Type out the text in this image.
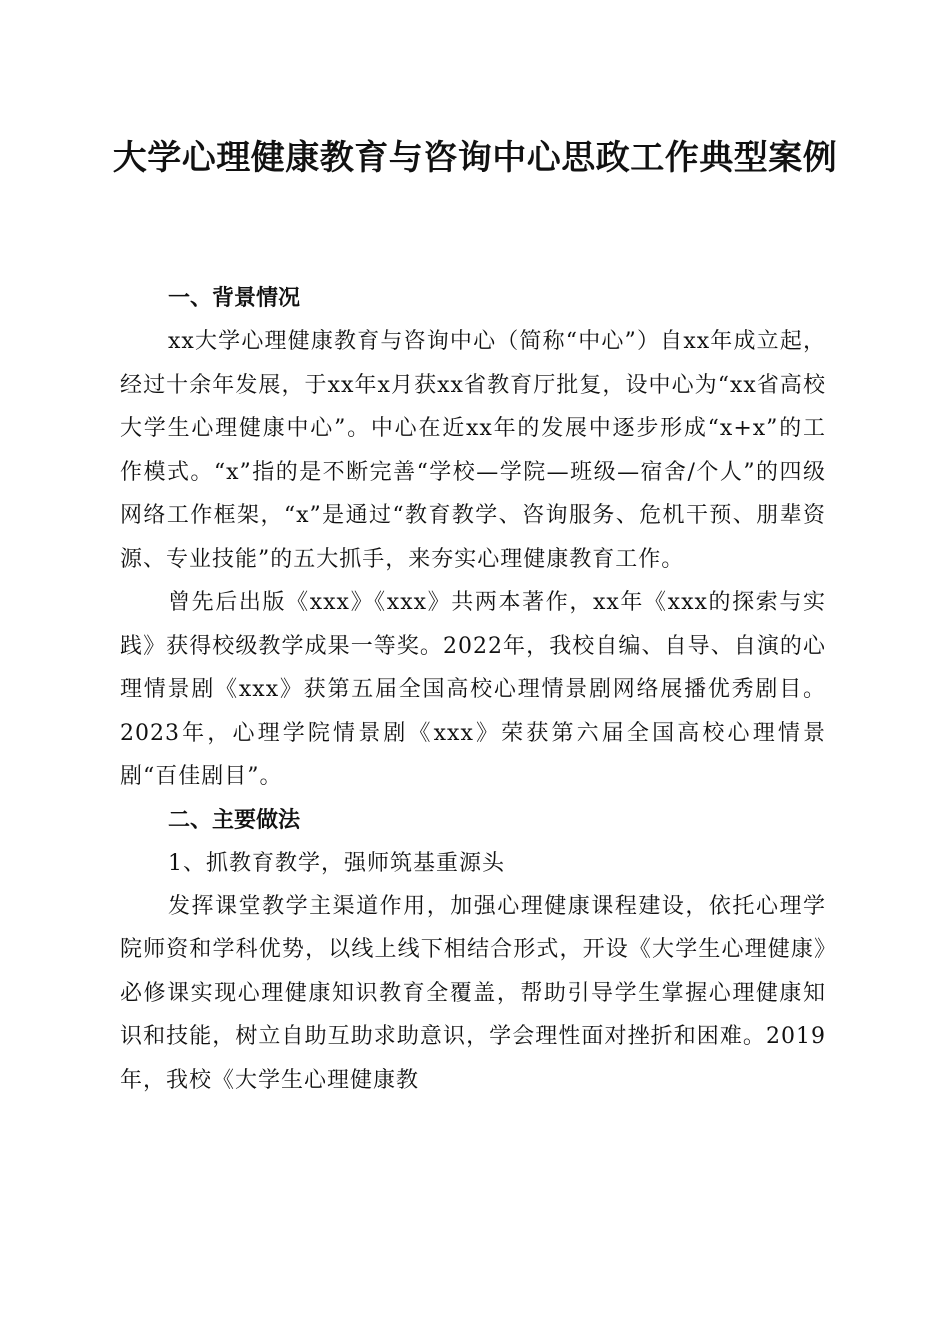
大学心理健康教育与咨询中心思政工作典型案例
一、背景情况

xx大学心理健康教育与咨询中心（简称“中心”）自xx年成立起，经过十余年发展，于xx年x月获xx省教育厅批复，设中心为“xx省高校大学生心理健康中心”。中心在近xx年的发展中逐步形成“x+x”的工作模式。“x”指的是不断完善“学校—学院—班级—宿舍/个人”的四级网络工作框架，“x”是通过“教育教学、咨询服务、危机干预、朋辈资源、专业技能”的五大抓手，来夯实心理健康教育工作。

曾先后出版《xxx》《xxx》共两本著作，xx年《xxx的探索与实践》获得校级教学成果一等奖。2022年，我校自编、自导、自演的心理情景剧《xxx》获第五届全国高校心理情景剧网络展播优秀剧目。2023年，心理学院情景剧《xxx》荣获第六届全国高校心理情景剧“百佳剧目”。

二、主要做法
1、抓教育教学，强师筑基重源头

发挥课堂教学主渠道作用，加强心理健康课程建设，依托心理学院师资和学科优势，以线上线下相结合形式，开设《大学生心理健康》必修课实现心理健康知识教育全覆盖，帮助引导学生掌握心理健康知识和技能，树立自助互助求助意识，学会理性面对挫折和困难。2019年，我校《大学生心理健康教
